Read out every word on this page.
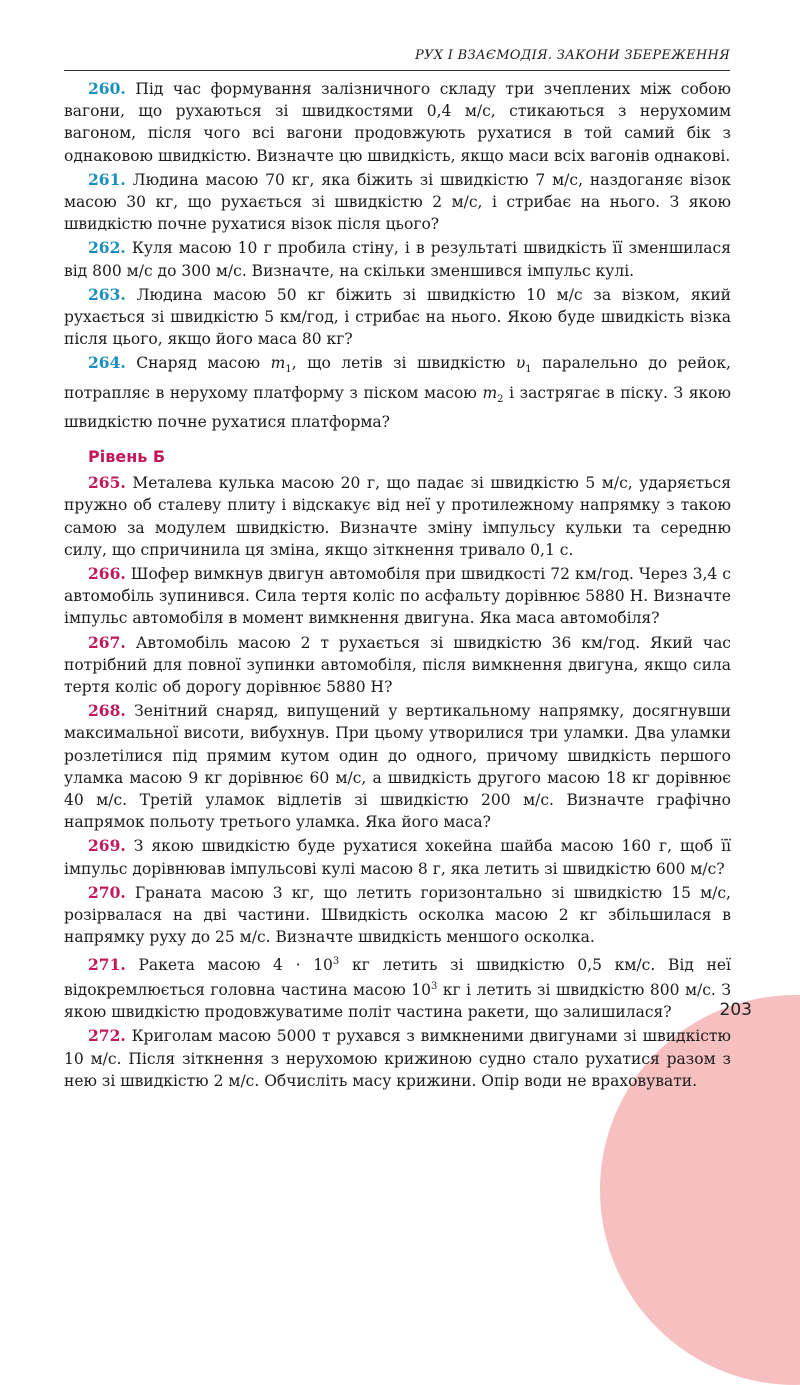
РУХ І ВЗАЄМОДІЯ. ЗАКОНИ ЗБЕРЕЖЕННЯ

260. Під час формування залізничного складу три зчеплених між собою вагони, що рухаються зі швидкостями 0,4 м/с, стикаються з нерухомим вагоном, після чого всі вагони продовжують рухатися в той самий бік з однаковою швидкістю. Визначте цю швидкість, якщо маси всіх вагонів однакові.

261. Людина масою 70 кг, яка біжить зі швидкістю 7 м/с, наздоганяє візок масою 30 кг, що рухається зі швидкістю 2 м/с, і стрибає на нього. З якою швидкістю почне рухатися візок після цього?

262. Куля масою 10 г пробила стіну, і в результаті швидкість її зменшилася від 800 м/с до 300 м/с. Визначте, на скільки зменшився імпульс кулі.

263. Людина масою 50 кг біжить зі швидкістю 10 м/с за візком, який рухається зі швидкістю 5 км/год, і стрибає на нього. Якою буде швидкість візка після цього, якщо його маса 80 кг?

264. Снаряд масою $m_1$, що летів зі швидкістю $\upsilon_1$ паралельно до рейок, потрапляє в нерухому платформу з піском масою $m_2$ і застрягає в піску. З якою швидкістю почне рухатися платформа?

Рівень Б

265. Металева кулька масою 20 г, що падає зі швидкістю 5 м/с, ударяється пружно об сталеву плиту і відскакує від неї у протилежному напрямку з такою самою за модулем швидкістю. Визначте зміну імпульсу кульки та середню силу, що спричинила ця зміна, якщо зіткнення тривало 0,1 с.

266. Шофер вимкнув двигун автомобіля при швидкості 72 км/год. Через 3,4 с автомобіль зупинився. Сила тертя коліс по асфальту дорівнює 5880 Н. Визначте імпульс автомобіля в момент вимкнення двигуна. Яка маса автомобіля?

267. Автомобіль масою 2 т рухається зі швидкістю 36 км/год. Який час потрібний для повної зупинки автомобіля, після вимкнення двигуна, якщо сила тертя коліс об дорогу дорівнює 5880 Н?

268. Зенітний снаряд, випущений у вертикальному напрямку, досягнувши максимальної висоти, вибухнув. При цьому утворилися три уламки. Два уламки розлетілися під прямим кутом один до одного, причому швидкість першого уламка масою 9 кг дорівнює 60 м/с, а швидкість другого масою 18 кг дорівнює 40 м/с. Третій уламок відлетів зі швидкістю 200 м/с. Визначте графічно напрямок польоту третього уламка. Яка його маса?

269. З якою швидкістю буде рухатися хокейна шайба масою 160 г, щоб її імпульс дорівнював імпульсові кулі масою 8 г, яка летить зі швидкістю 600 м/с?

270. Граната масою 3 кг, що летить горизонтально зі швидкістю 15 м/с, розірвалася на дві частини. Швидкість осколка масою 2 кг збільшилася в напрямку руху до 25 м/с. Визначте швидкість меншого осколка.

271. Ракета масою $4 \cdot 10^3$ кг летить зі швидкістю 0,5 км/с. Від неї відокремлюється головна частина масою $10^3$ кг і летить зі швидкістю 800 м/с. З якою швидкістю продовжуватиме політ частина ракети, що залишилася?

272. Криголам масою 5000 т рухався з вимкненими двигунами зі швидкістю 10 м/с. Після зіткнення з нерухомою крижиною судно стало рухатися разом з нею зі швидкістю 2 м/с. Обчисліть масу крижини. Опір води не враховувати.

203
